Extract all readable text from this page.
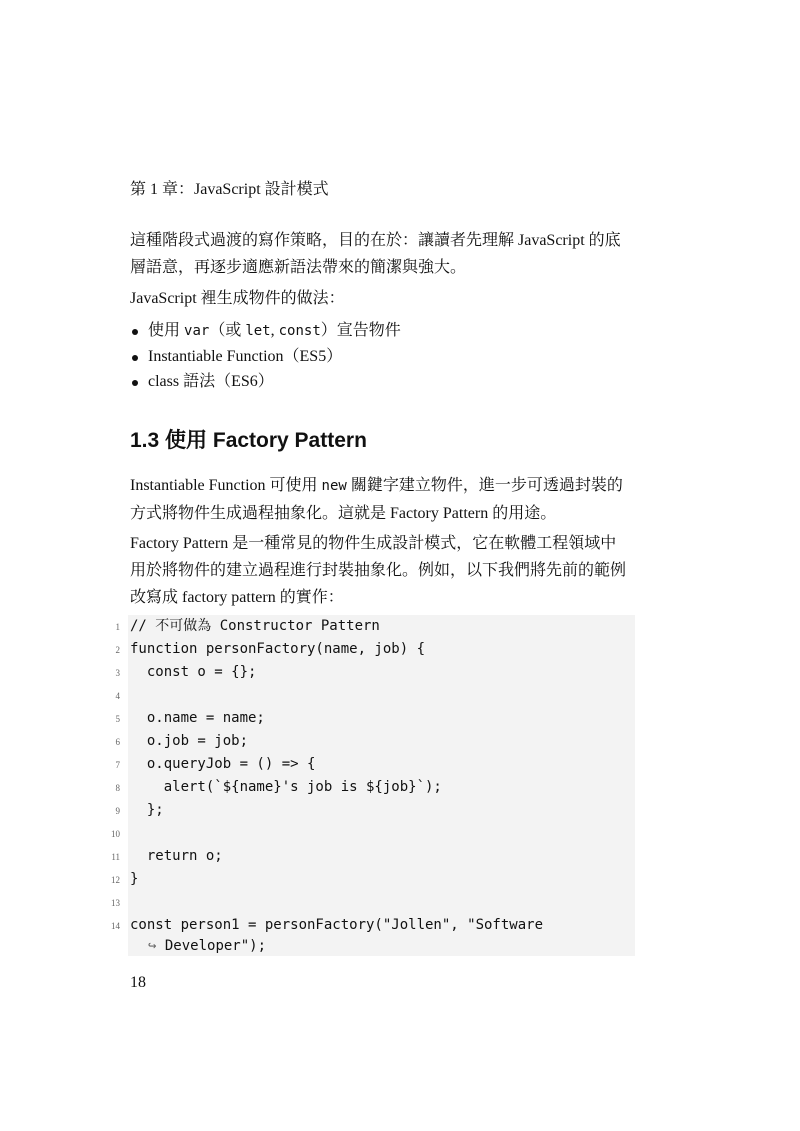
第 1 章：JavaScript 設計模式

這種階段式過渡的寫作策略，目的在於：讓讀者先理解 JavaScript 的底
層語意，再逐步適應新語法帶來的簡潔與強大。

JavaScript 裡生成物件的做法：

使用 var（或 let, const）宣告物件
Instantiable Function（ES5）
class 語法（ES6）
1.3 使用 Factory Pattern

Instantiable Function 可使用 new 關鍵字建立物件，進一步可透過封裝的
方式將物件生成過程抽象化。這就是 Factory Pattern 的用途。

Factory Pattern 是一種常見的物件生成設計模式，它在軟體工程領域中
用於將物件的建立過程進行封裝抽象化。例如，以下我們將先前的範例
改寫成 factory pattern 的實作：

1 // 不可做為 Constructor Pattern
2 function personFactory(name, job) {
3 const o = {};
4
5 o.name = name;
6 o.job = job;
7 o.queryJob = () => {
8 alert(`${name}'s job is ${job}`);
9 };
10
11 return o;
12 }
13
14 const person1 = personFactory("Jollen", "Software
↪ Developer");
18
